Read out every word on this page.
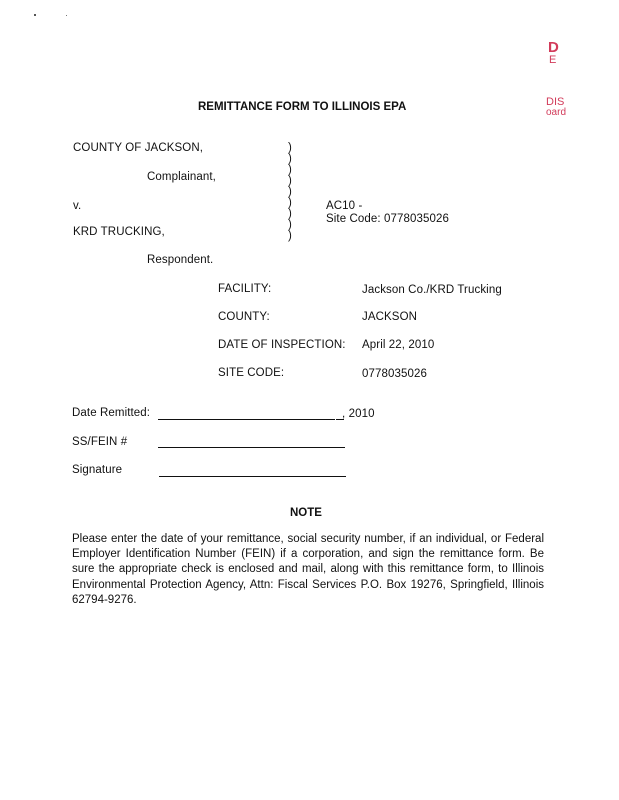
D
E
DIS
oard
REMITTANCE FORM TO ILLINOIS EPA
COUNTY OF JACKSON,
Complainant,
v.
KRD TRUCKING,
Respondent.
)
)
)
)
)
)
)
)
)
AC10 -
Site Code: 0778035026
FACILITY:	Jackson Co./KRD Trucking
COUNTY:	JACKSON
DATE OF INSPECTION: April 22, 2010
SITE CODE:	0778035026
Date Remitted:	, 2010
SS/FEIN #
Signature
NOTE
Please enter the date of your remittance, social security number, if an individual, or Federal Employer Identification Number (FEIN) if a corporation, and sign the remittance form. Be sure the appropriate check is enclosed and mail, along with this remittance form, to Illinois Environmental Protection Agency, Attn: Fiscal Services P.O. Box 19276, Springfield, Illinois 62794-9276.
